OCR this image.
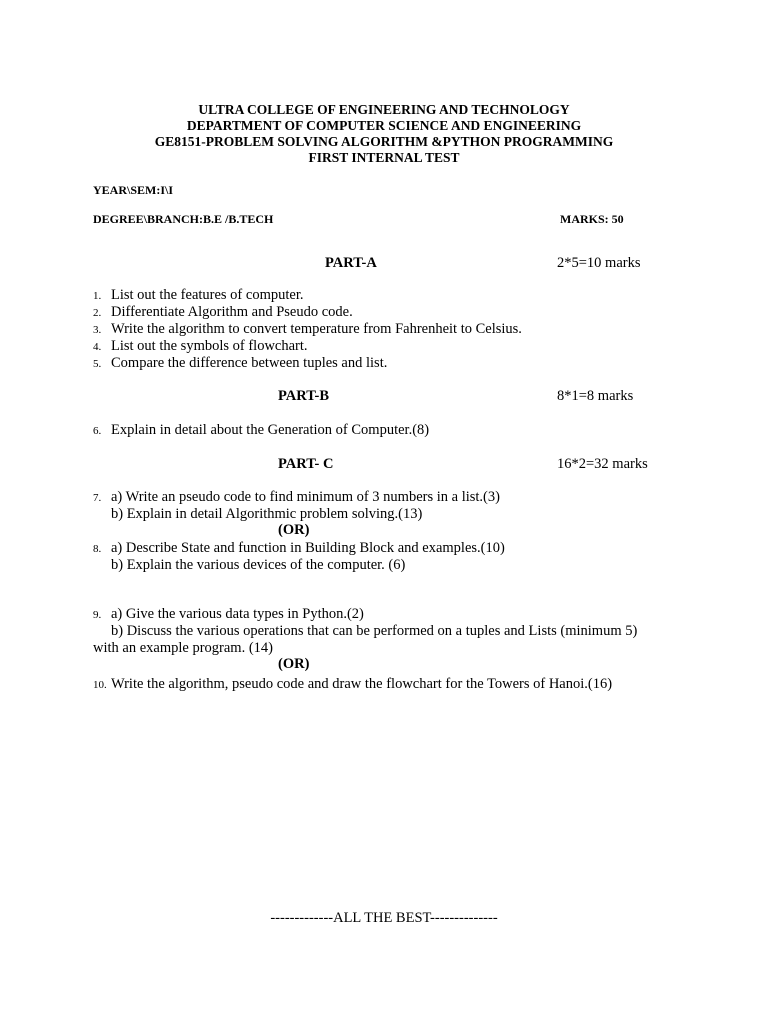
ULTRA COLLEGE OF ENGINEERING AND TECHNOLOGY
DEPARTMENT OF COMPUTER SCIENCE AND ENGINEERING
GE8151-PROBLEM SOLVING ALGORITHM &PYTHON PROGRAMMING
FIRST INTERNAL TEST
YEAR\SEM:I\I
DEGREE\BRANCH:B.E /B.TECH	MARKS: 50
PART-A	2*5=10 marks
1. List out the features of computer.
2. Differentiate Algorithm and Pseudo code.
3. Write the algorithm to convert temperature from Fahrenheit to Celsius.
4. List out the symbols of flowchart.
5. Compare the difference between tuples and list.
PART-B	8*1=8 marks
6. Explain in detail about the Generation of Computer.(8)
PART- C	16*2=32 marks
7. a) Write an pseudo code to find minimum of 3 numbers in a list.(3)
b) Explain in detail Algorithmic problem solving.(13)
(OR)
8. a) Describe State and function in Building Block and examples.(10)
b) Explain the various devices of the computer. (6)
9. a) Give the various data types in Python.(2)
b) Discuss the various operations that can be performed on a tuples and Lists (minimum 5)
with an example program. (14)
(OR)
10. Write the algorithm, pseudo code and draw the flowchart for the Towers of Hanoi.(16)
-------------ALL THE BEST--------------
